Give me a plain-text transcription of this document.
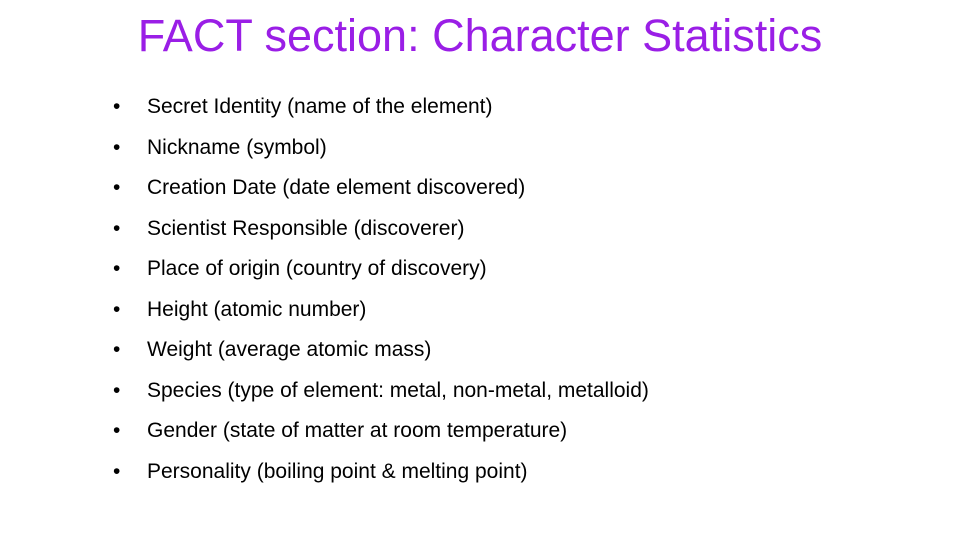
FACT section: Character Statistics
• Secret Identity (name of the element)
• Nickname (symbol)
• Creation Date (date element discovered)
• Scientist Responsible (discoverer)
• Place of origin (country of discovery)
• Height (atomic number)
• Weight (average atomic mass)
• Species (type of element: metal, non-metal, metalloid)
• Gender (state of matter at room temperature)
• Personality (boiling point & melting point)
